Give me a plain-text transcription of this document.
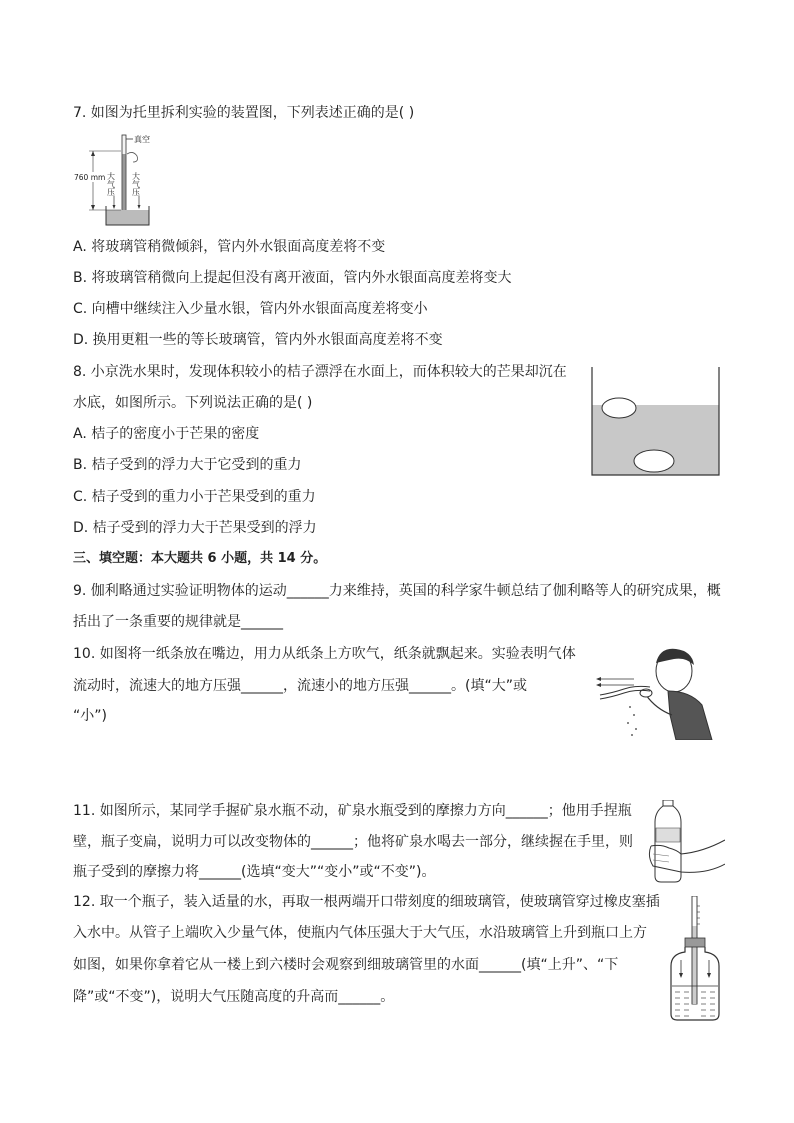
7. 如图为托里拆利实验的装置图，下列表述正确的是( )
真空
760 mm 大气压 大气压
A. 将玻璃管稍微倾斜，管内外水银面高度差将不变
B. 将玻璃管稍微向上提起但没有离开液面，管内外水银面高度差将变大
C. 向槽中继续注入少量水银，管内外水银面高度差将变小
D. 换用更粗一些的等长玻璃管，管内外水银面高度差将不变
8. 小京洗水果时，发现体积较小的桔子漂浮在水面上，而体积较大的芒果却沉在
水底，如图所示。下列说法正确的是( )
A. 桔子的密度小于芒果的密度
B. 桔子受到的浮力大于它受到的重力
C. 桔子受到的重力小于芒果受到的重力
D. 桔子受到的浮力大于芒果受到的浮力
三、填空题：本大题共 6 小题，共 14 分。
9. 伽利略通过实验证明物体的运动______力来维持，英国的科学家牛顿总结了伽利略等人的研究成果，概
括出了一条重要的规律就是______
10. 如图将一纸条放在嘴边，用力从纸条上方吹气，纸条就飘起来。实验表明气体
流动时，流速大的地方压强______，流速小的地方压强______。(填“大”或
“小”)
11. 如图所示，某同学手握矿泉水瓶不动，矿泉水瓶受到的摩擦力方向______；他用手捏瓶
壁，瓶子变扁，说明力可以改变物体的______；他将矿泉水喝去一部分，继续握在手里，则
瓶子受到的摩擦力将______(选填“变大”“变小”或“不变”)。
12. 取一个瓶子，装入适量的水，再取一根两端开口带刻度的细玻璃管，使玻璃管穿过橡皮塞插
入水中。从管子上端吹入少量气体，使瓶内气体压强大于大气压，水沿玻璃管上升到瓶口上方
如图，如果你拿着它从一楼上到六楼时会观察到细玻璃管里的水面______(填“上升”、“下
降”或“不变”)，说明大气压随高度的升高而______。
